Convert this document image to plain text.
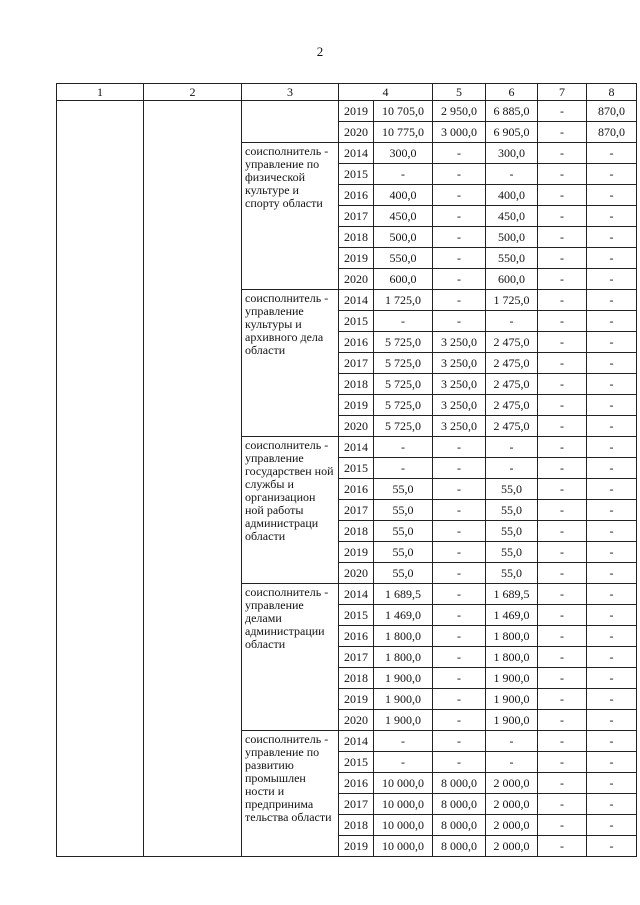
2
1	2	3	4		5	6	7	8
			2019	10 705,0	2 950,0	6 885,0	-	870,0
			2020	10 775,0	3 000,0	6 905,0	-	870,0
		соисполнитель - управление по физической культуре и спорту области	2014	300,0	-	300,0	-	-
			2015	-	-	-	-	-
			2016	400,0	-	400,0	-	-
			2017	450,0	-	450,0	-	-
			2018	500,0	-	500,0	-	-
			2019	550,0	-	550,0	-	-
			2020	600,0	-	600,0	-	-
		соисполнитель - управление культуры и архивного дела области	2014	1 725,0	-	1 725,0	-	-
			2015	-	-	-	-	-
			2016	5 725,0	3 250,0	2 475,0	-	-
			2017	5 725,0	3 250,0	2 475,0	-	-
			2018	5 725,0	3 250,0	2 475,0	-	-
			2019	5 725,0	3 250,0	2 475,0	-	-
			2020	5 725,0	3 250,0	2 475,0	-	-
		соисполнитель - управление государствен ной службы и организацион ной работы администраци области	2014	-	-	-	-	-
			2015	-	-	-	-	-
			2016	55,0	-	55,0	-	-
			2017	55,0	-	55,0	-	-
			2018	55,0	-	55,0	-	-
			2019	55,0	-	55,0	-	-
			2020	55,0	-	55,0	-	-
		соисполнитель - управление делами администрации области	2014	1 689,5	-	1 689,5	-	-
			2015	1 469,0	-	1 469,0	-	-
			2016	1 800,0	-	1 800,0	-	-
			2017	1 800,0	-	1 800,0	-	-
			2018	1 900,0	-	1 900,0	-	-
			2019	1 900,0	-	1 900,0	-	-
			2020	1 900,0	-	1 900,0	-	-
		соисполнитель - управление по развитию промышлен ности и предпринима тельства области	2014	-	-	-	-	-
			2015	-	-	-	-	-
			2016	10 000,0	8 000,0	2 000,0	-	-
			2017	10 000,0	8 000,0	2 000,0	-	-
			2018	10 000,0	8 000,0	2 000,0	-	-
			2019	10 000,0	8 000,0	2 000,0	-	-
